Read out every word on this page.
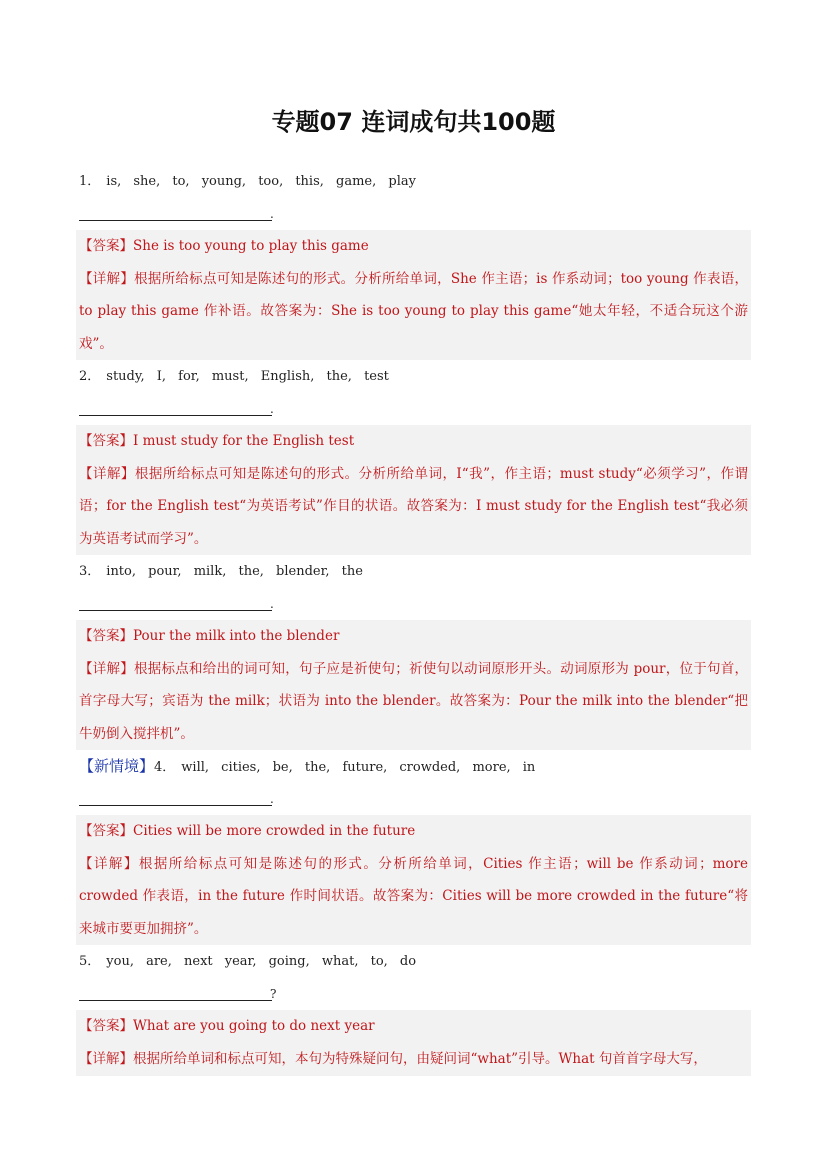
专题07 连词成句共100题
1． is, she, to, young, too, this, game, play
.

【答案】She is too young to play this game

【详解】根据所给标点可知是陈述句的形式。分析所给单词，She 作主语；is 作系动词；too young 作表语，to play this game 作补语。故答案为：She is too young to play this game“她太年轻，不适合玩这个游戏”。

2． study, I, for, must, English, the, test
.

【答案】I must study for the English test

【详解】根据所给标点可知是陈述句的形式。分析所给单词，I“我”，作主语；must study“必须学习”，作谓语；for the English test“为英语考试”作目的状语。故答案为：I must study for the English test“我必须为英语考试而学习”。

3． into, pour, milk, the, blender, the
.

【答案】Pour the milk into the blender

【详解】根据标点和给出的词可知，句子应是祈使句；祈使句以动词原形开头。动词原形为 pour，位于句首，首字母大写；宾语为 the milk；状语为 into the blender。故答案为：Pour the milk into the blender“把牛奶倒入搅拌机”。

【新情境】4． will, cities, be, the, future, crowded, more, in
.

【答案】Cities will be more crowded in the future

【详解】根据所给标点可知是陈述句的形式。分析所给单词，Cities 作主语；will be 作系动词；more crowded 作表语，in the future 作时间状语。故答案为：Cities will be more crowded in the future“将来城市要更加拥挤”。

5． you, are, next year, going, what, to, do
?

【答案】What are you going to do next year

【详解】根据所给单词和标点可知，本句为特殊疑问句，由疑问词“what”引导。What 句首首字母大写，
